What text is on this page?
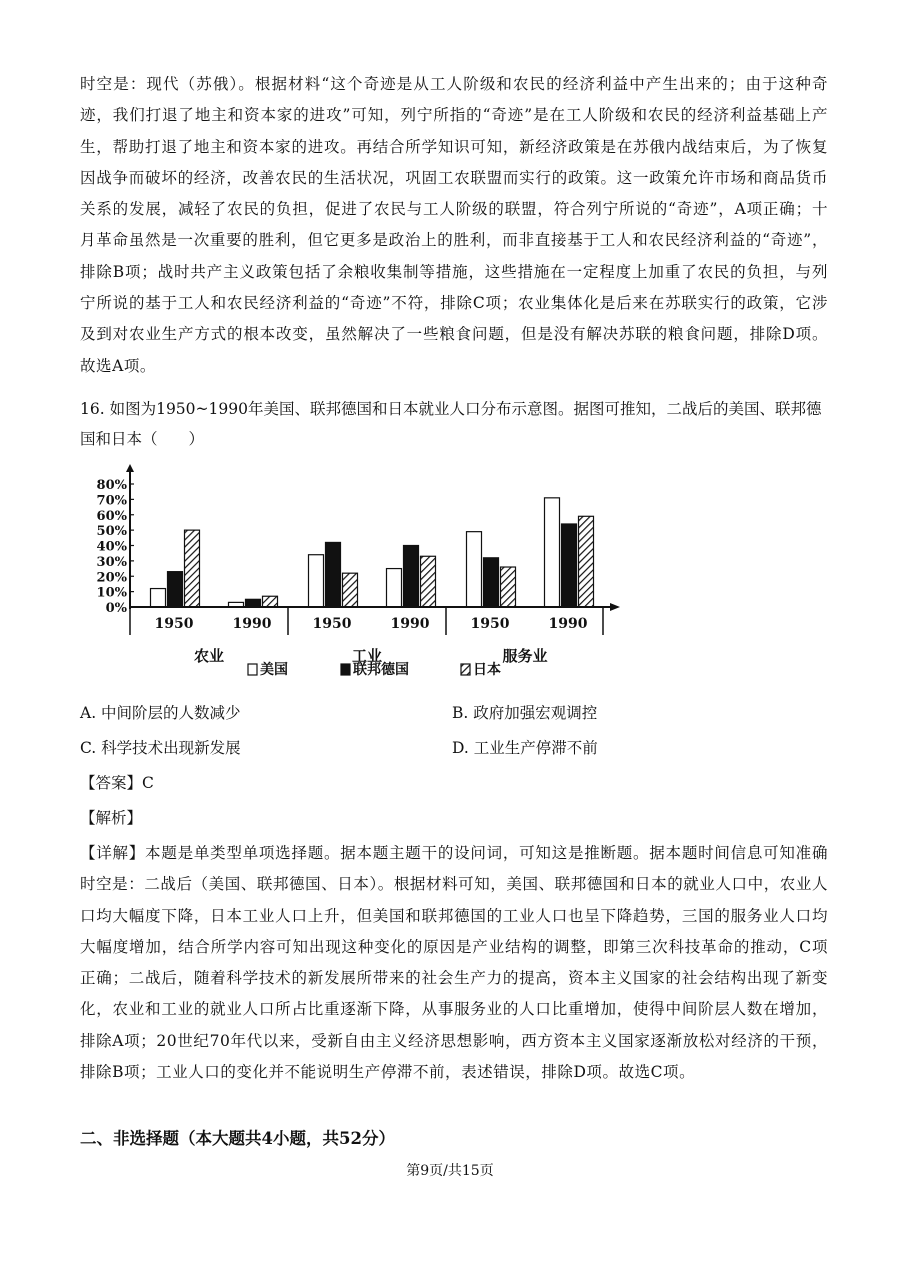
时空是：现代（苏俄）。根据材料“这个奇迹是从工人阶级和农民的经济利益中产生出来的；由于这种奇迹，我们打退了地主和资本家的进攻”可知，列宁所指的“奇迹”是在工人阶级和农民的经济利益基础上产生，帮助打退了地主和资本家的进攻。再结合所学知识可知，新经济政策是在苏俄内战结束后，为了恢复因战争而破坏的经济，改善农民的生活状况，巩固工农联盟而实行的政策。这一政策允许市场和商品货币关系的发展，减轻了农民的负担，促进了农民与工人阶级的联盟，符合列宁所说的“奇迹”，A项正确；十月革命虽然是一次重要的胜利，但它更多是政治上的胜利，而非直接基于工人和农民经济利益的“奇迹”，排除B项；战时共产主义政策包括了余粮收集制等措施，这些措施在一定程度上加重了农民的负担，与列宁所说的基于工人和农民经济利益的“奇迹”不符，排除C项；农业集体化是后来在苏联实行的政策，它涉及到对农业生产方式的根本改变，虽然解决了一些粮食问题，但是没有解决苏联的粮食问题，排除D项。故选A项。

16. 如图为1950~1990年美国、联邦德国和日本就业人口分布示意图。据图可推知，二战后的美国、联邦德
国和日本（　　）
0%
10%
20%
30%
40%
50%
60%
70%
80%
农业	工业	服务业
1950	1990	1950	1990	1950	1990
美国	联邦德国	日本
A. 中间阶层的人数减少	B. 政府加强宏观调控
C. 科学技术出现新发展	D. 工业生产停滞不前
【答案】C
【解析】

【详解】本题是单类型单项选择题。据本题主题干的设问词，可知这是推断题。据本题时间信息可知准确时空是：二战后（美国、联邦德国、日本）。根据材料可知，美国、联邦德国和日本的就业人口中，农业人口均大幅度下降，日本工业人口上升，但美国和联邦德国的工业人口也呈下降趋势，三国的服务业人口均大幅度增加，结合所学内容可知出现这种变化的原因是产业结构的调整，即第三次科技革命的推动，C项正确；二战后，随着科学技术的新发展所带来的社会生产力的提高，资本主义国家的社会结构出现了新变化，农业和工业的就业人口所占比重逐渐下降，从事服务业的人口比重增加，使得中间阶层人数在增加，排除A项；20世纪70年代以来，受新自由主义经济思想影响，西方资本主义国家逐渐放松对经济的干预，排除B项；工业人口的变化并不能说明生产停滞不前，表述错误，排除D项。故选C项。

二、非选择题（本大题共4小题，共52分）
第9页/共15页
